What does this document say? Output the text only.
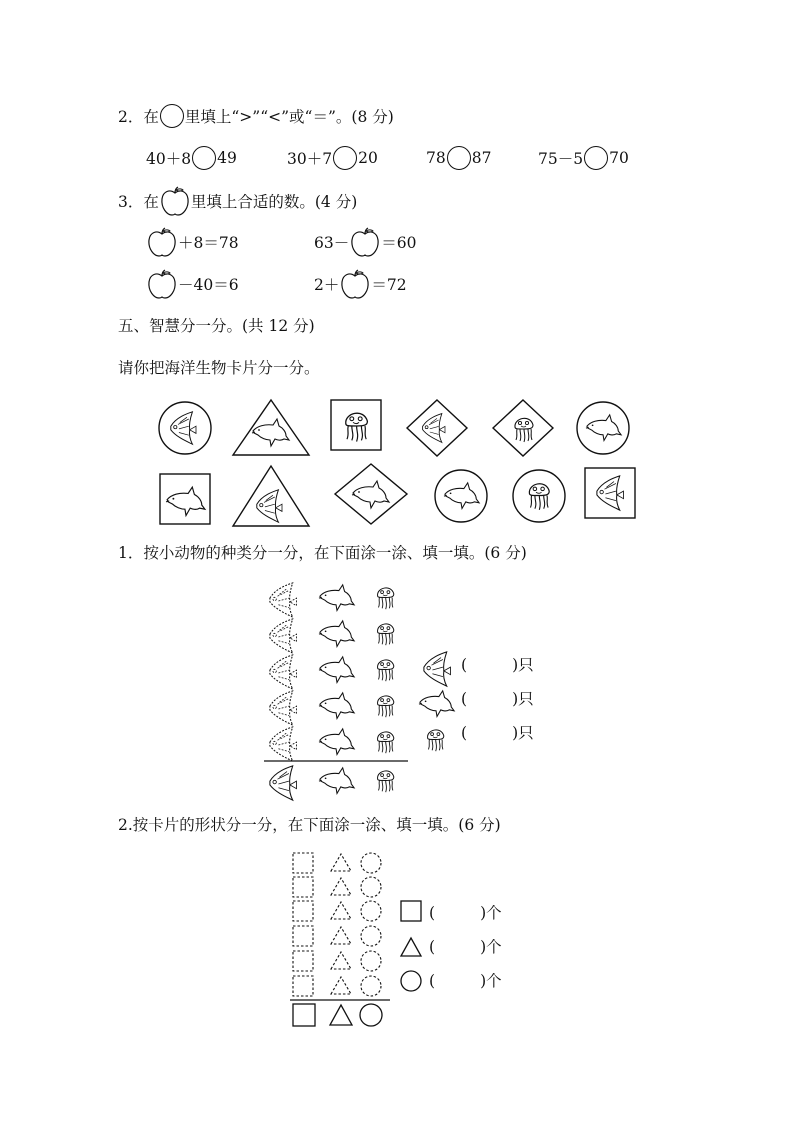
2．在 里填上“>”“<”或“＝”。(8 分)
40＋8 49	30＋7 20	78 87	75－5 70
3．在 里填上合适的数。(4 分)
＋8＝78	63－ ＝60
－40＝6	2＋ ＝72
五、智慧分一分。(共 12 分)
请你把海洋生物卡片分一分。
1．按小动物的种类分一分，在下面涂一涂、填一填。(6 分)
(	)只
(	)只
(	)只
2.按卡片的形状分一分，在下面涂一涂、填一填。(6 分)
(	)个
(	)个
(	)个
